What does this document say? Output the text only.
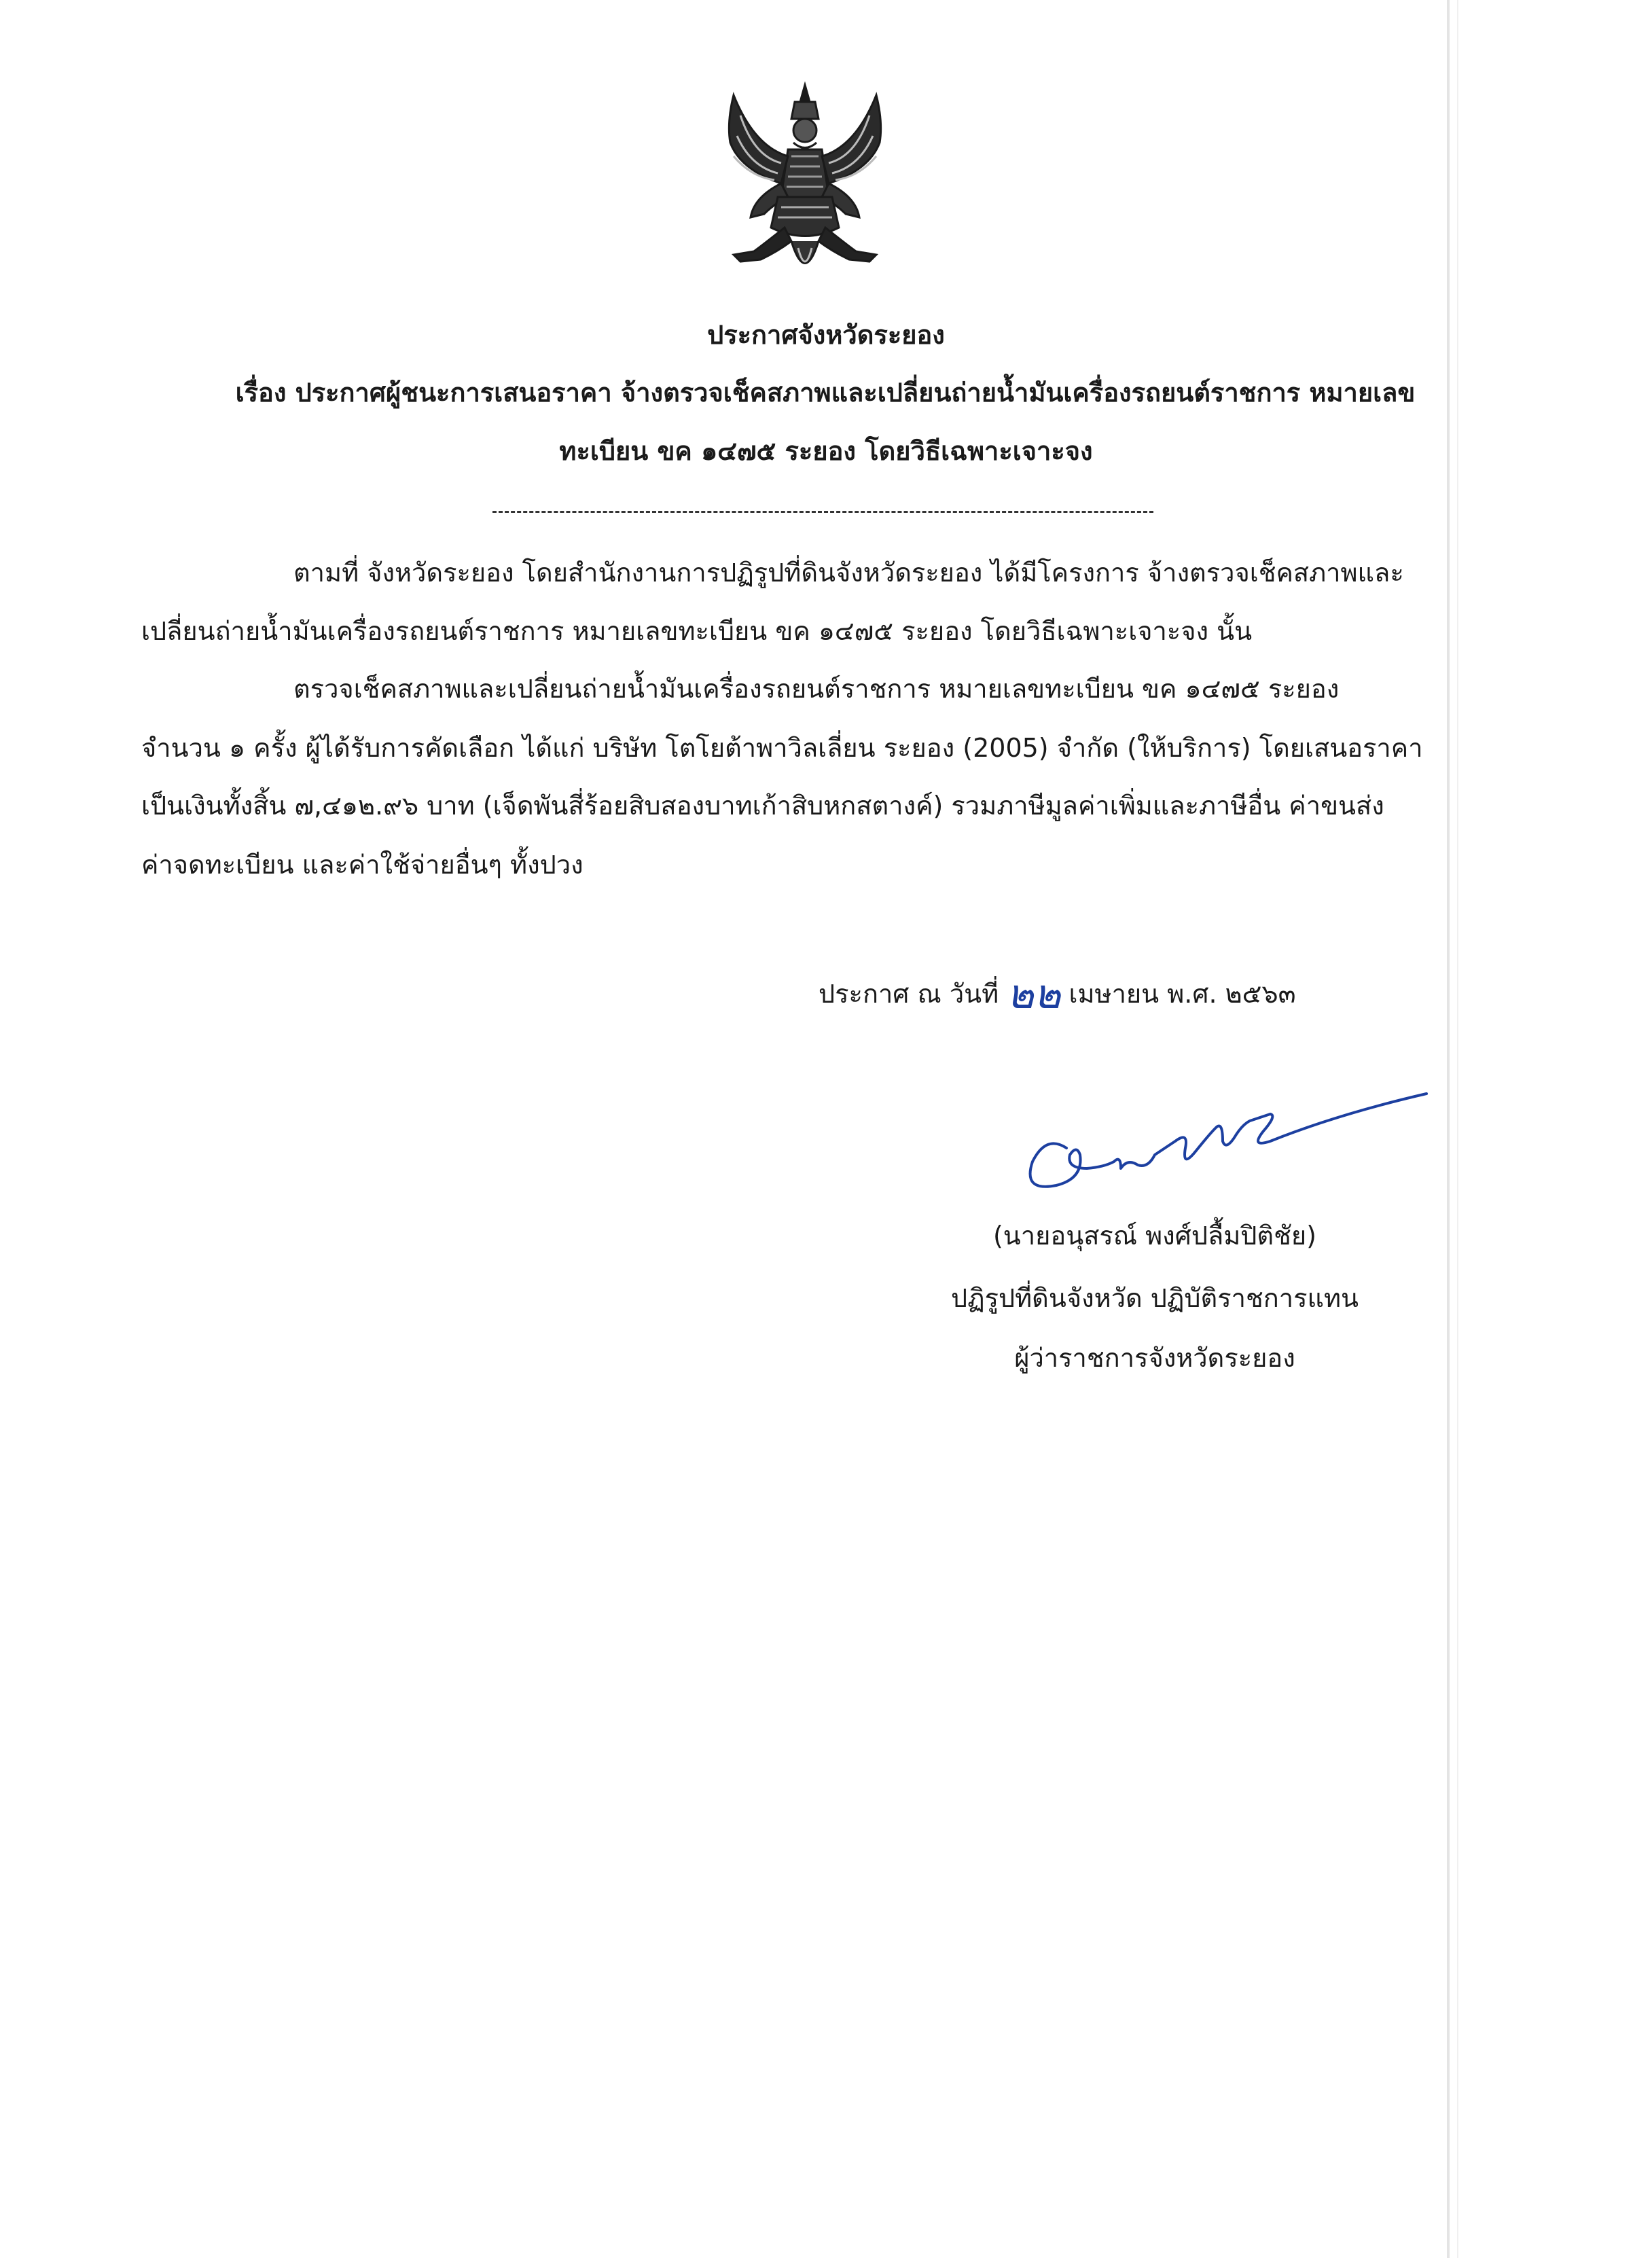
ประกาศจังหวัดระยอง
เรื่อง ประกาศผู้ชนะการเสนอราคา จ้างตรวจเช็คสภาพและเปลี่ยนถ่ายน้ำมันเครื่องรถยนต์ราชการ หมายเลข
ทะเบียน ขค ๑๔๗๕ ระยอง โดยวิธีเฉพาะเจาะจง
ตามที่ จังหวัดระยอง โดยสำนักงานการปฏิรูปที่ดินจังหวัดระยอง ได้มีโครงการ จ้างตรวจเช็คสภาพและ
เปลี่ยนถ่ายน้ำมันเครื่องรถยนต์ราชการ หมายเลขทะเบียน ขค ๑๔๗๕ ระยอง โดยวิธีเฉพาะเจาะจง นั้น
ตรวจเช็คสภาพและเปลี่ยนถ่ายน้ำมันเครื่องรถยนต์ราชการ หมายเลขทะเบียน ขค ๑๔๗๕ ระยอง
จำนวน ๑ ครั้ง ผู้ได้รับการคัดเลือก ได้แก่ บริษัท โตโยต้าพาวิลเลี่ยน ระยอง (2005) จำกัด (ให้บริการ) โดยเสนอราคา
เป็นเงินทั้งสิ้น ๗,๔๑๒.๙๖ บาท (เจ็ดพันสี่ร้อยสิบสองบาทเก้าสิบหกสตางค์) รวมภาษีมูลค่าเพิ่มและภาษีอื่น ค่าขนส่ง
ค่าจดทะเบียน และค่าใช้จ่ายอื่นๆ ทั้งปวง
ประกาศ ณ วันที่ ๒๒ เมษายน พ.ศ. ๒๕๖๓
(นายอนุสรณ์ พงศ์ปลื้มปิติชัย)
ปฏิรูปที่ดินจังหวัด ปฏิบัติราชการแทน
ผู้ว่าราชการจังหวัดระยอง
